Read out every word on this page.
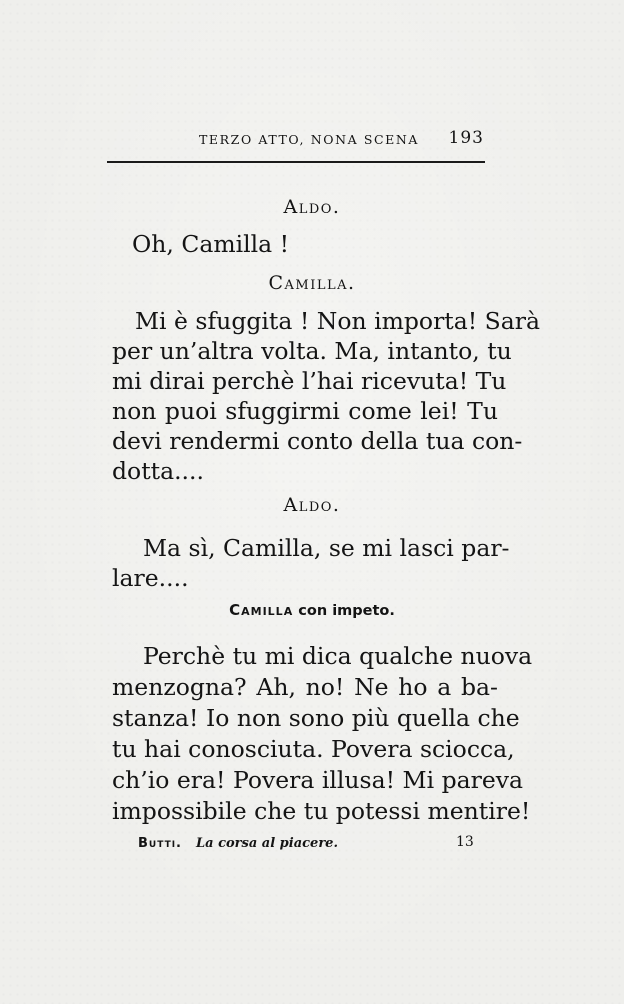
TERZO ATTO, NONA SCENA 193
Aldo.
Oh, Camilla !
Camilla.
Mi è sfuggita ! Non importa! Sarà
per un’altra volta. Ma, intanto, tu
mi dirai perchè l’hai ricevuta! Tu
non puoi sfuggirmi come lei! Tu
devi rendermi conto della tua con-
dotta....
Aldo.
Ma sì, Camilla, se mi lasci par-
lare....
Camilla con impeto.
Perchè tu mi dica qualche nuova
menzogna? Ah, no! Ne ho a ba-
stanza! Io non sono più quella che
tu hai conosciuta. Povera sciocca,
ch’io era! Povera illusa! Mi pareva
impossibile che tu potessi mentire!
Butti. La corsa al piacere.	13
